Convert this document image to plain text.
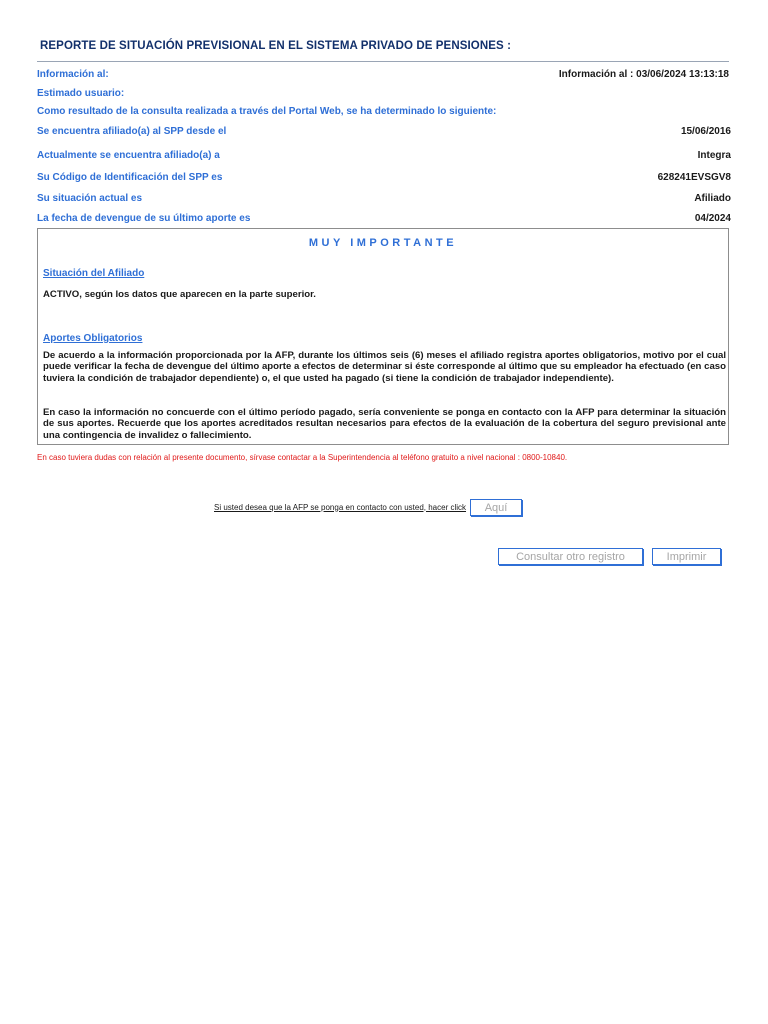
REPORTE DE SITUACIÓN PREVISIONAL EN EL SISTEMA PRIVADO DE PENSIONES :
Información al:	Información al : 03/06/2024 13:13:18
Estimado usuario:
Como resultado de la consulta realizada a través del Portal Web, se ha determinado lo siguiente:
Se encuentra afiliado(a) al SPP desde el	15/06/2016
Actualmente se encuentra afiliado(a) a	Integra
Su Código de Identificación del SPP es	628241EVSGV8
Su situación actual es	Afiliado
La fecha de devengue de su último aporte es	04/2024
MUY IMPORTANTE
Situación del Afiliado
ACTIVO, según los datos que aparecen en la parte superior.
Aportes Obligatorios
De acuerdo a la información proporcionada por la AFP, durante los últimos seis (6) meses el afiliado registra aportes obligatorios, motivo por el cual puede verificar la fecha de devengue del último aporte a efectos de determinar si éste corresponde al último que su empleador ha efectuado (en caso tuviera la condición de trabajador dependiente) o, el que usted ha pagado (si tiene la condición de trabajador independiente).
En caso la información no concuerde con el último período pagado, sería conveniente se ponga en contacto con la AFP para determinar la situación de sus aportes. Recuerde que los aportes acreditados resultan necesarios para efectos de la evaluación de la cobertura del seguro previsional ante una contingencia de invalidez o fallecimiento.
En caso tuviera dudas con relación al presente documento, sírvase contactar a la Superintendencia al teléfono gratuito a nivel nacional : 0800-10840.
Si usted desea que la AFP se ponga en contacto con usted, hacer click	Aquí
Consultar otro registro	Imprimir
